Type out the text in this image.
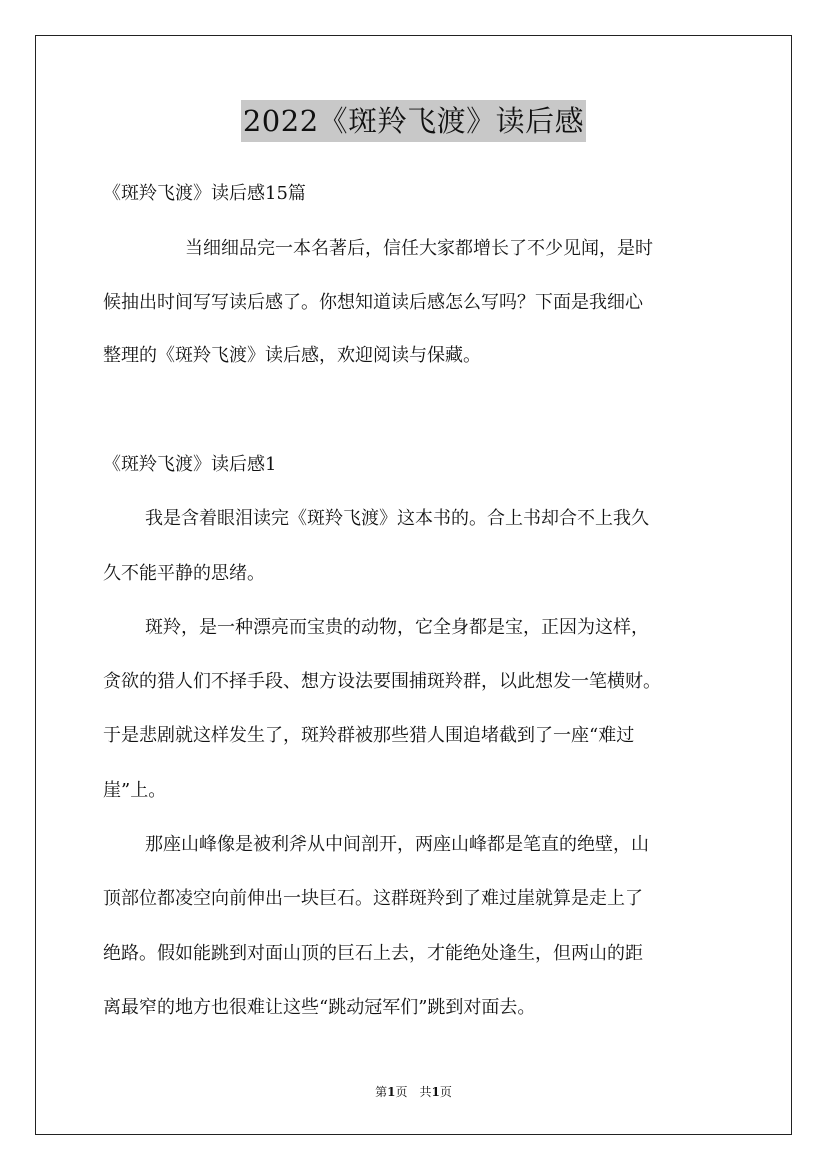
2022《斑羚飞渡》读后感
《斑羚飞渡》读后感15篇
当细细品完一本名著后，信任大家都增长了不少见闻，是时
候抽出时间写写读后感了。你想知道读后感怎么写吗？下面是我细心
整理的《斑羚飞渡》读后感，欢迎阅读与保藏。
《斑羚飞渡》读后感1
我是含着眼泪读完《斑羚飞渡》这本书的。合上书却合不上我久
久不能平静的思绪。
斑羚，是一种漂亮而宝贵的动物，它全身都是宝，正因为这样，
贪欲的猎人们不择手段、想方设法要围捕斑羚群，以此想发一笔横财。
于是悲剧就这样发生了，斑羚群被那些猎人围追堵截到了一座“难过
崖”上。
那座山峰像是被利斧从中间剖开，两座山峰都是笔直的绝壁，山
顶部位都凌空向前伸出一块巨石。这群斑羚到了难过崖就算是走上了
绝路。假如能跳到对面山顶的巨石上去，才能绝处逢生，但两山的距
离最窄的地方也很难让这些“跳动冠军们”跳到对面去。
第1页　共1页
